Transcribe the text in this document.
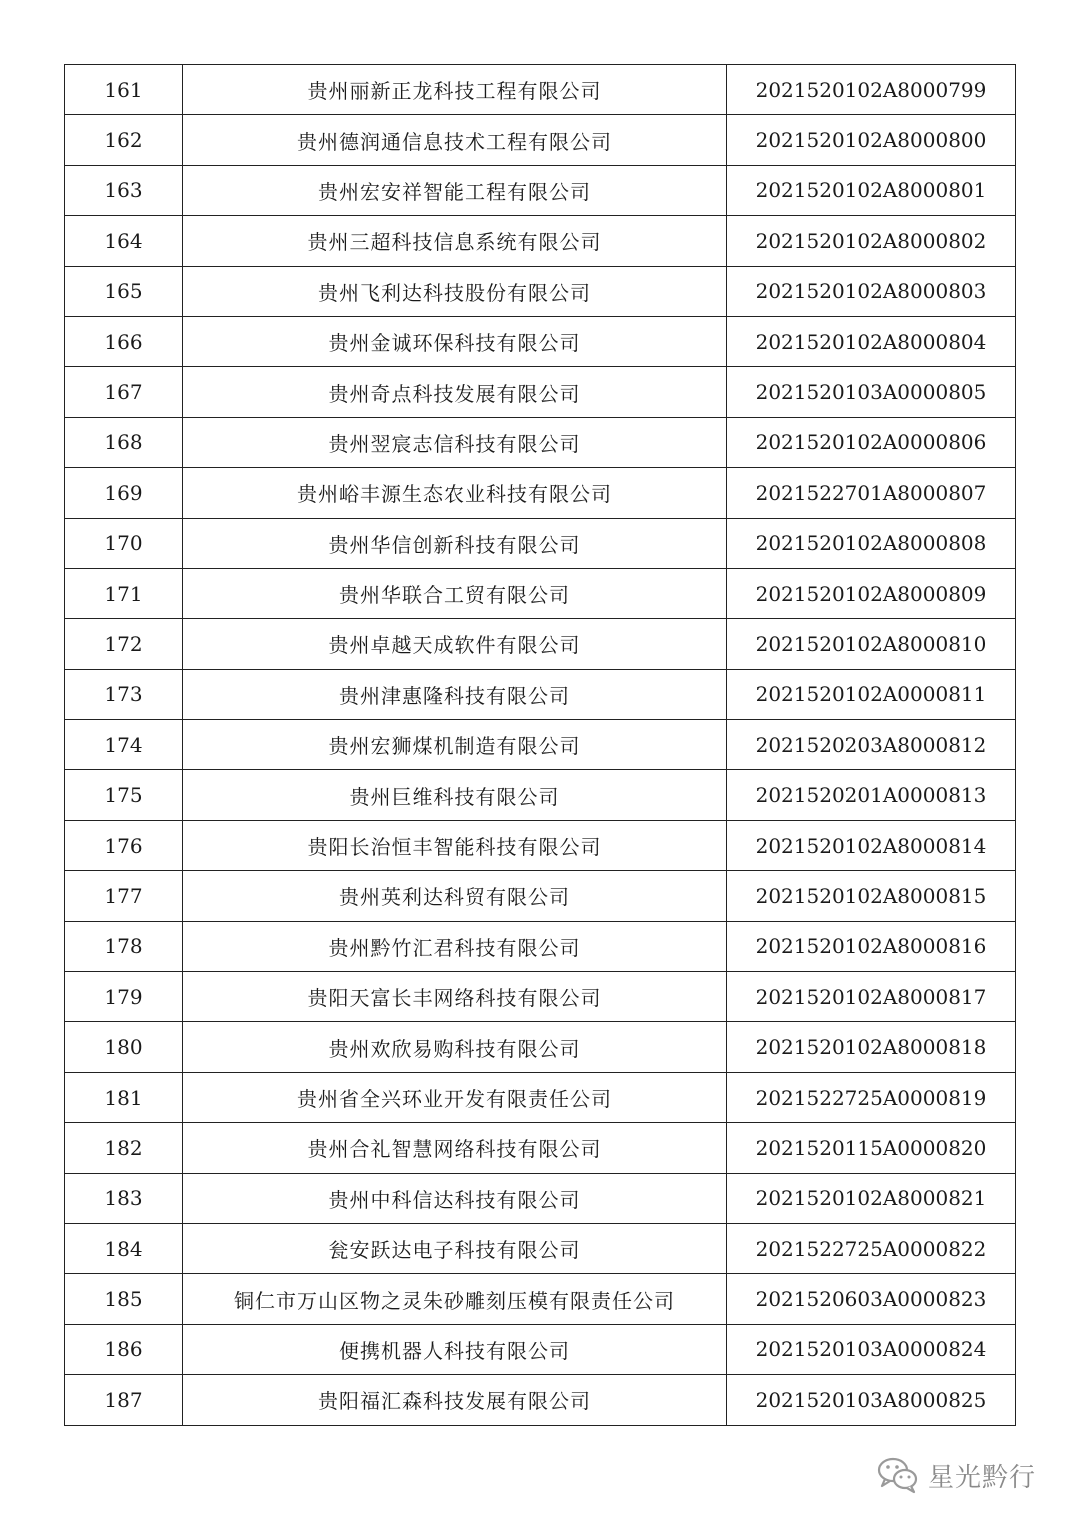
161	贵州丽新正龙科技工程有限公司	2021520102A8000799
162	贵州德润通信息技术工程有限公司	2021520102A8000800
163	贵州宏安祥智能工程有限公司	2021520102A8000801
164	贵州三超科技信息系统有限公司	2021520102A8000802
165	贵州飞利达科技股份有限公司	2021520102A8000803
166	贵州金诚环保科技有限公司	2021520102A8000804
167	贵州奇点科技发展有限公司	2021520103A0000805
168	贵州翌宸志信科技有限公司	2021520102A0000806
169	贵州峪丰源生态农业科技有限公司	2021522701A8000807
170	贵州华信创新科技有限公司	2021520102A8000808
171	贵州华联合工贸有限公司	2021520102A8000809
172	贵州卓越天成软件有限公司	2021520102A8000810
173	贵州津惠隆科技有限公司	2021520102A0000811
174	贵州宏狮煤机制造有限公司	2021520203A8000812
175	贵州巨维科技有限公司	2021520201A0000813
176	贵阳长治恒丰智能科技有限公司	2021520102A8000814
177	贵州英利达科贸有限公司	2021520102A8000815
178	贵州黔竹汇君科技有限公司	2021520102A8000816
179	贵阳天富长丰网络科技有限公司	2021520102A8000817
180	贵州欢欣易购科技有限公司	2021520102A8000818
181	贵州省全兴环业开发有限责任公司	2021522725A0000819
182	贵州合礼智慧网络科技有限公司	2021520115A0000820
183	贵州中科信达科技有限公司	2021520102A8000821
184	瓮安跃达电子科技有限公司	2021522725A0000822
185	铜仁市万山区物之灵朱砂雕刻压模有限责任公司	2021520603A0000823
186	便携机器人科技有限公司	2021520103A0000824
187	贵阳福汇森科技发展有限公司	2021520103A8000825
星光黔行
